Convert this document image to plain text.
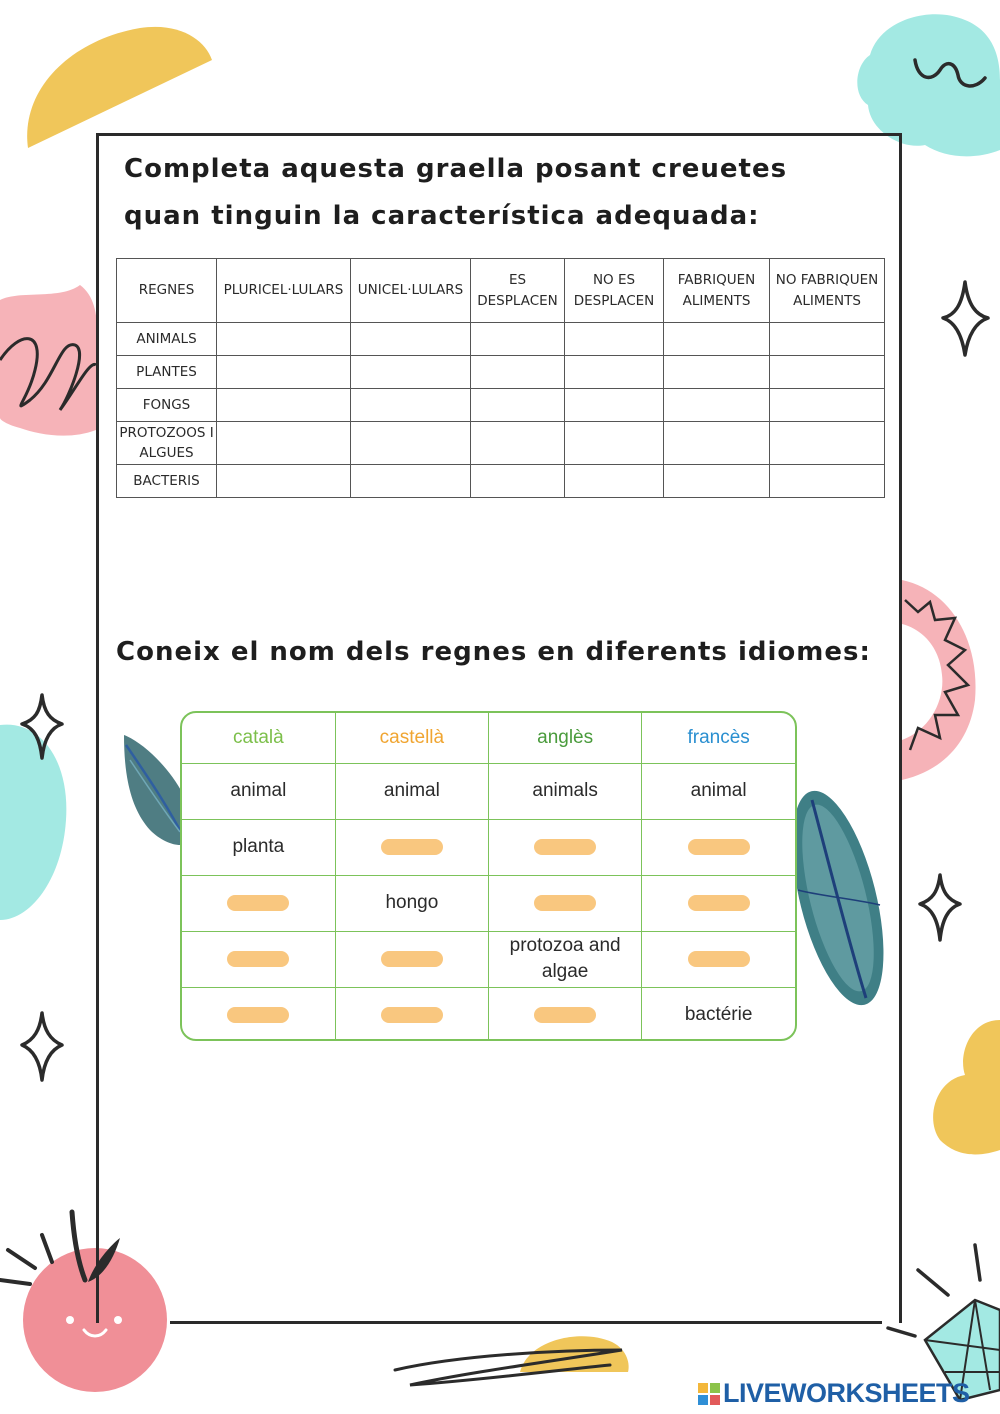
Completa aquesta graella posant creuetes quan tinguin la característica adequada:
REGNES	PLURICEL·LULARS	UNICEL·LULARS	ES DESPLACEN	NO ES DESPLACEN	FABRIQUEN ALIMENTS	NO FABRIQUEN ALIMENTS
ANIMALS						
PLANTES						
FONGS						
PROTOZOOS I ALGUES						
BACTERIS						
Coneix el nom dels regnes en diferents idiomes:
català	castellà	anglès	francès
animal	animal	animals	animal
planta			
	hongo		
		protozoa and algae	
			bactérie
LIVEWORKSHEETS
